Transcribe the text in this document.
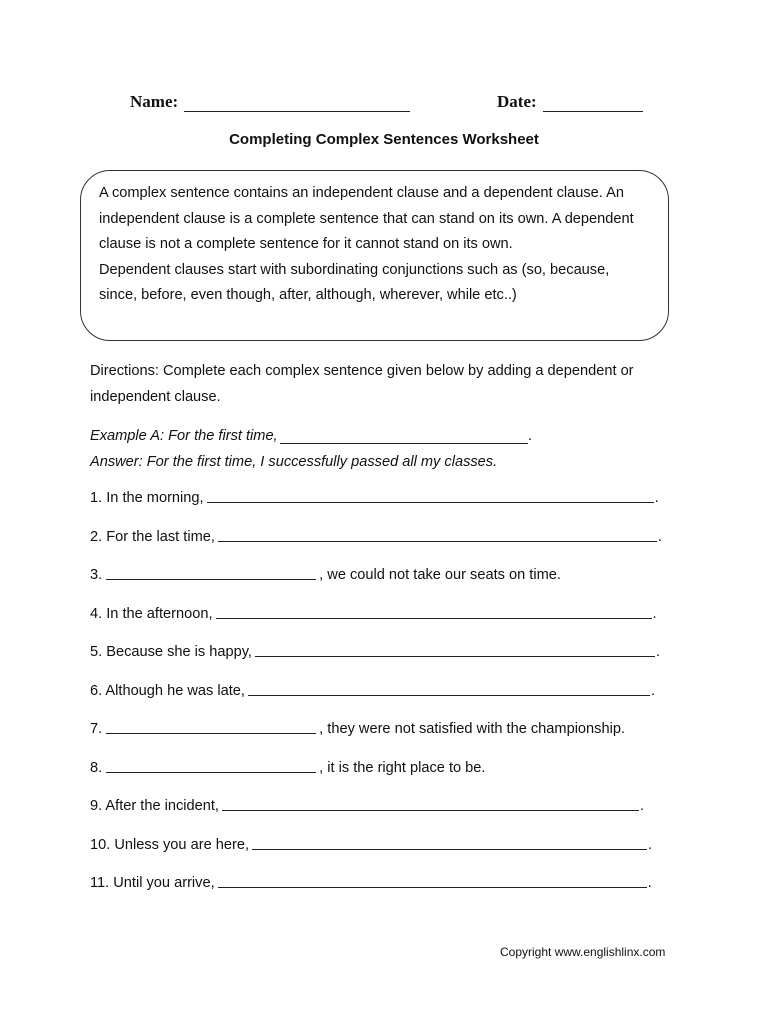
Name:	Date:
Completing Complex Sentences Worksheet

A complex sentence contains an independent clause and a dependent clause. An independent clause is a complete sentence that can stand on its own. A dependent clause is not a complete sentence for it cannot stand on its own.

Dependent clauses start with subordinating conjunctions such as (so, because, since, before, even though, after, although, wherever, while etc..)

Directions: Complete each complex sentence given below by adding a dependent or independent clause.
Example A: For the first time,	.
Answer: For the first time, I successfully passed all my classes.
1. In the morning,	.
2. For the last time,	.
3.	, we could not take our seats on time.
4. In the afternoon,	.
5. Because she is happy,	.
6. Although he was late,	.
7.	, they were not satisfied with the championship.
8.	, it is the right place to be.
9. After the incident,	.
10. Unless you are here,	.
11. Until you arrive,	.
Copyright www.englishlinx.com
